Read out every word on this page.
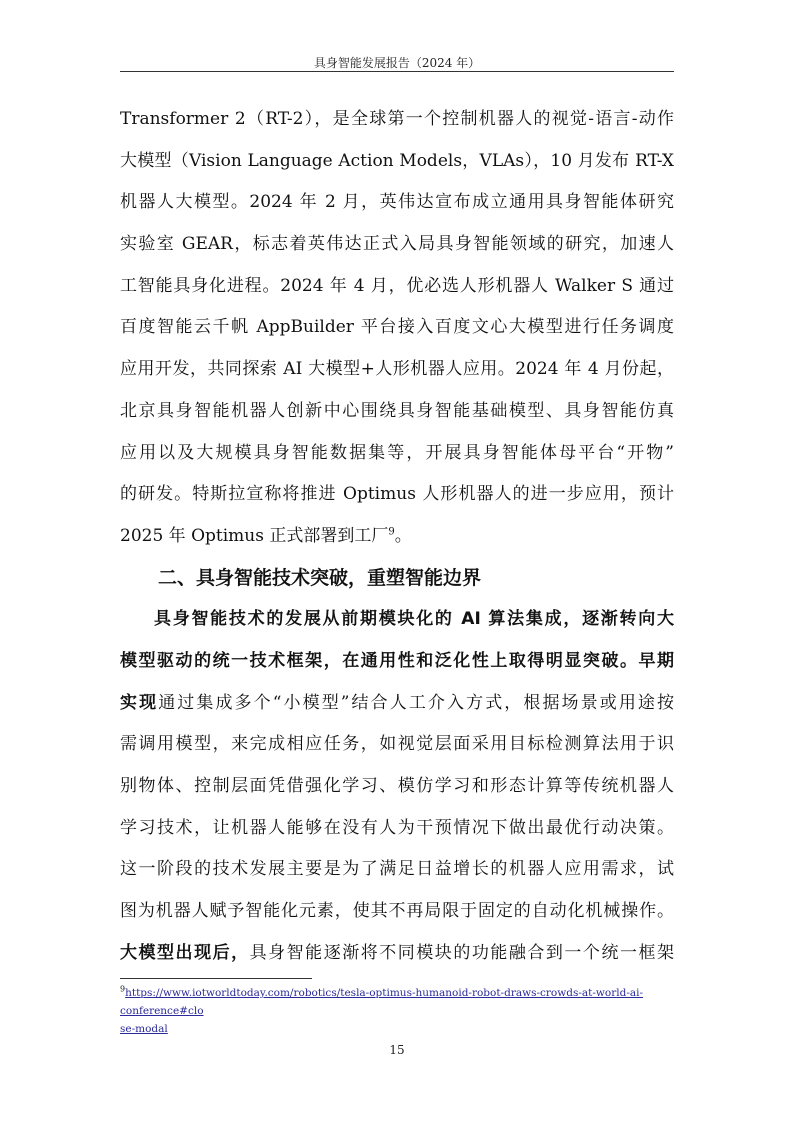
具身智能发展报告（2024 年）
Transformer 2（RT-2），是全球第一个控制机器人的视觉-语言-动作
大模型（Vision Language Action Models，VLAs），10 月发布 RT-X
机器人大模型。2024 年 2 月，英伟达宣布成立通用具身智能体研究
实验室 GEAR，标志着英伟达正式入局具身智能领域的研究，加速人
工智能具身化进程。2024 年 4 月，优必选人形机器人 Walker S 通过
百度智能云千帆 AppBuilder 平台接入百度文心大模型进行任务调度
应用开发，共同探索 AI 大模型+人形机器人应用。2024 年 4 月份起，
北京具身智能机器人创新中心围绕具身智能基础模型、具身智能仿真
应用以及大规模具身智能数据集等，开展具身智能体母平台“开物”
的研发。特斯拉宣称将推进 Optimus 人形机器人的进一步应用，预计
2025 年 Optimus 正式部署到工厂$^9$。
二、具身智能技术突破，重塑智能边界
具身智能技术的发展从前期模块化的 AI 算法集成，逐渐转向大
模型驱动的统一技术框架，在通用性和泛化性上取得明显突破。早期
实现通过集成多个“小模型”结合人工介入方式，根据场景或用途按
需调用模型，来完成相应任务，如视觉层面采用目标检测算法用于识
别物体、控制层面凭借强化学习、模仿学习和形态计算等传统机器人
学习技术，让机器人能够在没有人为干预情况下做出最优行动决策。
这一阶段的技术发展主要是为了满足日益增长的机器人应用需求，试
图为机器人赋予智能化元素，使其不再局限于固定的自动化机械操作。
大模型出现后，具身智能逐渐将不同模块的功能融合到一个统一框架
$^9$https://www.iotworldtoday.com/robotics/tesla-optimus-humanoid-robot-draws-crowds-at-world-ai-conference#clo
se-modal
15
